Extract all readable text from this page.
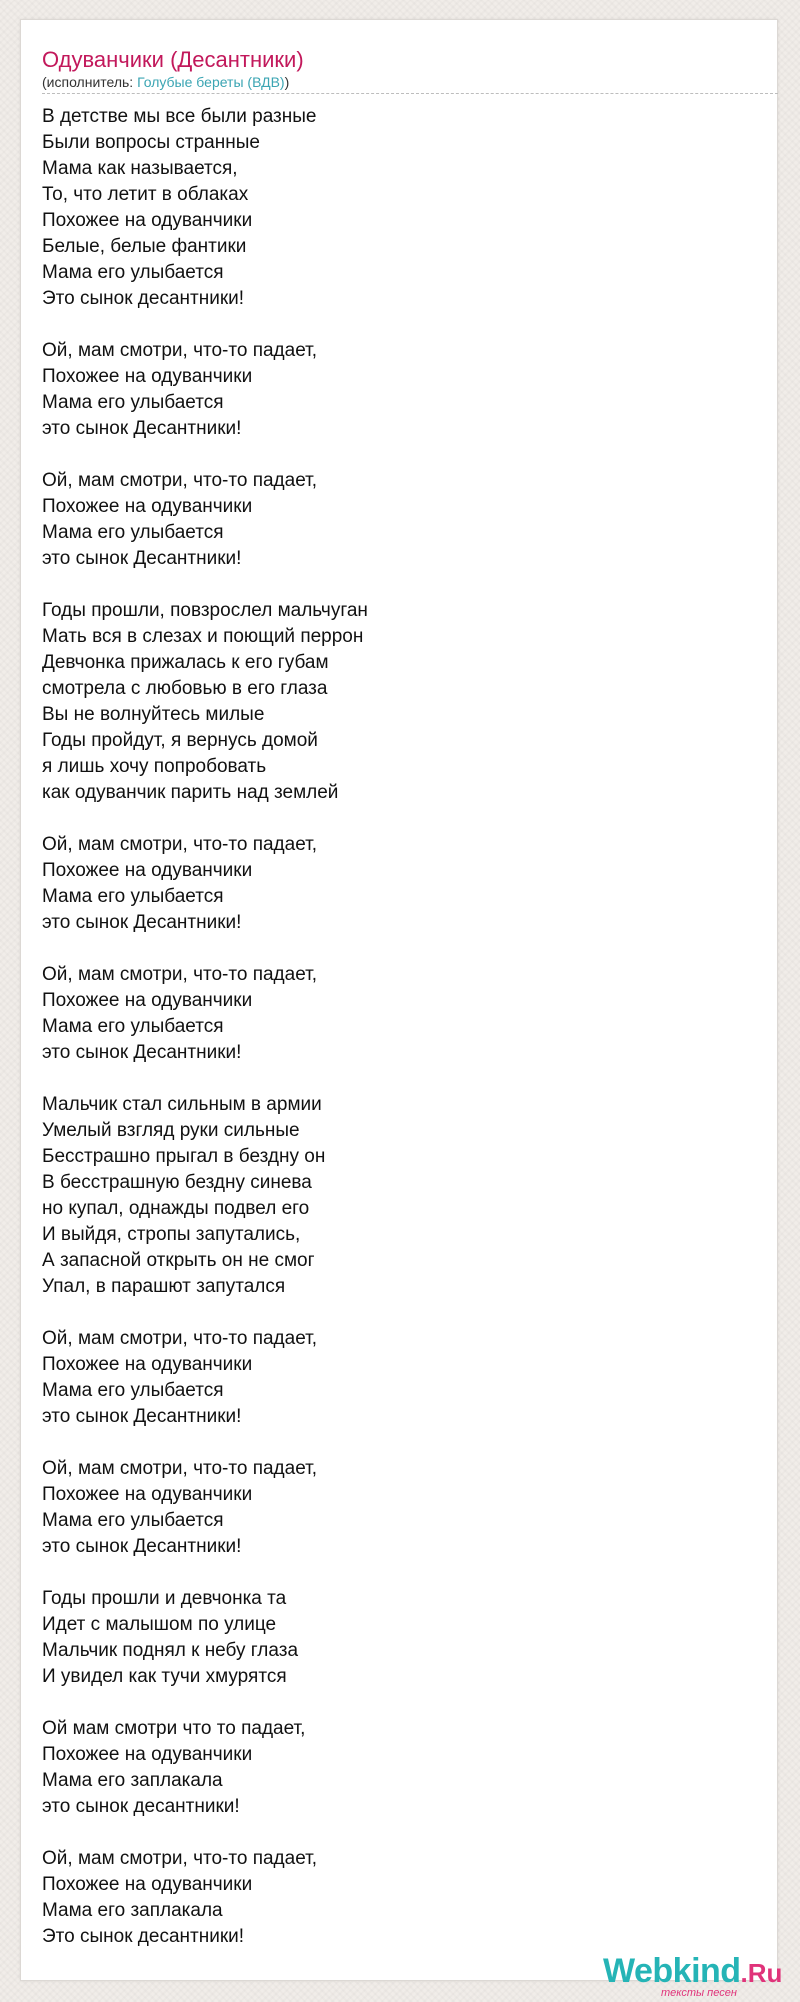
Одуванчики (Десантники)
(исполнитель: Голубые береты (ВДВ))
В детстве мы все были разные
Были вопросы странные
Мама как называется,
То, что летит в облаках
Похожее на одуванчики
Белые, белые фантики
Мама его улыбается
Это сынок десантники!
Ой, мам смотри, что-то падает,
Похожее на одуванчики
Мама его улыбается
это сынок Десантники!
Ой, мам смотри, что-то падает,
Похожее на одуванчики
Мама его улыбается
это сынок Десантники!
Годы прошли, повзрослел мальчуган
Мать вся в слезах и поющий перрон
Девчонка прижалась к его губам
смотрела с любовью в его глаза
Вы не волнуйтесь милые
Годы пройдут, я вернусь домой
я лишь хочу попробовать
как одуванчик парить над землей
Ой, мам смотри, что-то падает,
Похожее на одуванчики
Мама его улыбается
это сынок Десантники!
Ой, мам смотри, что-то падает,
Похожее на одуванчики
Мама его улыбается
это сынок Десантники!
Мальчик стал сильным в армии
Умелый взгляд руки сильные
Бесстрашно прыгал в бездну он
В бесстрашную бездну синева
но купал, однажды подвел его
И выйдя, стропы запутались,
А запасной открыть он не смог
Упал, в парашют запутался
Ой, мам смотри, что-то падает,
Похожее на одуванчики
Мама его улыбается
это сынок Десантники!
Ой, мам смотри, что-то падает,
Похожее на одуванчики
Мама его улыбается
это сынок Десантники!
Годы прошли и девчонка та
Идет с малышом по улице
Мальчик поднял к небу глаза
И увидел как тучи хмурятся
Ой мам смотри что то падает,
Похожее на одуванчики
Мама его заплакала
это сынок десантники!
Ой, мам смотри, что-то падает,
Похожее на одуванчики
Мама его заплакала
Это сынок десантники!
Webkind.Ru
тексты песен
